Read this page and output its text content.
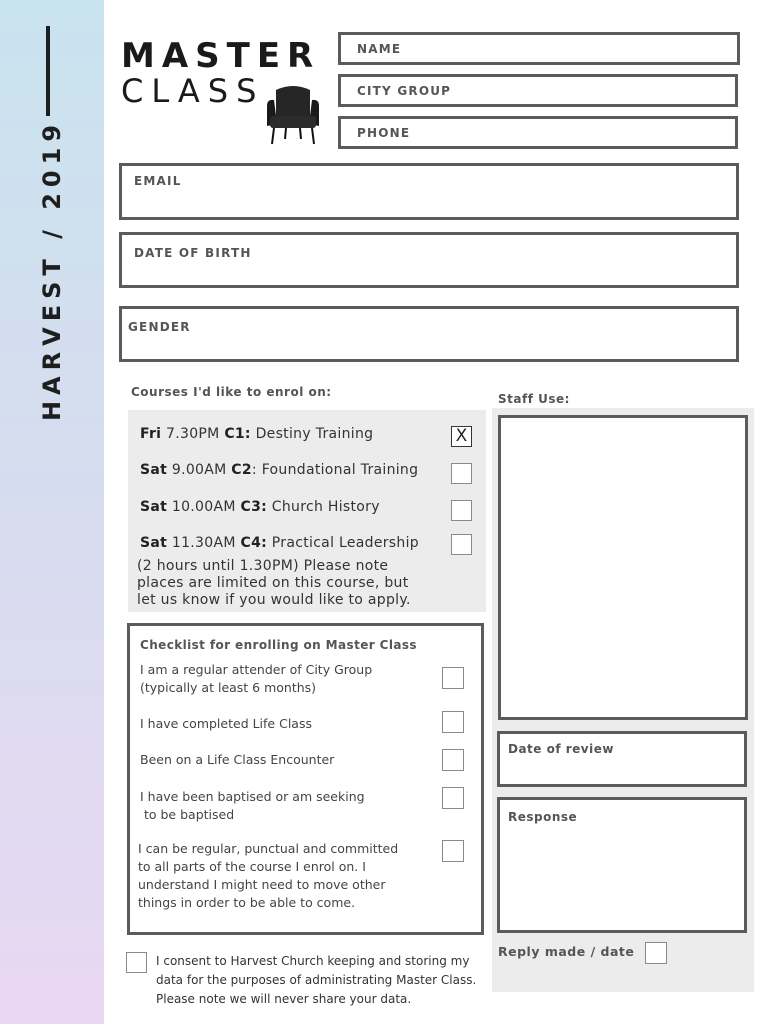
HARVEST / 2019
MASTER
CLASS
NAME
CITY GROUP
PHONE
EMAIL
DATE OF BIRTH
GENDER
Courses I'd like to enrol on:
Fri 7.30PM C1: Destiny Training	X
Sat 9.00AM C2: Foundational Training
Sat 10.00AM C3: Church History
Sat 11.30AM C4: Practical Leadership
(2 hours until 1.30PM) Please note
places are limited on this course, but
let us know if you would like to apply.
Checklist for enrolling on Master Class
I am a regular attender of City Group
(typically at least 6 months)
I have completed Life Class
Been on a Life Class Encounter
I have been baptised or am seeking
to be baptised
I can be regular, punctual and committed
to all parts of the course I enrol on. I
understand I might need to move other
things in order to be able to come.
I consent to Harvest Church keeping and storing my
data for the purposes of administrating Master Class.
Please note we will never share your data.
Staff Use:
Date of review
Response
Reply made / date
